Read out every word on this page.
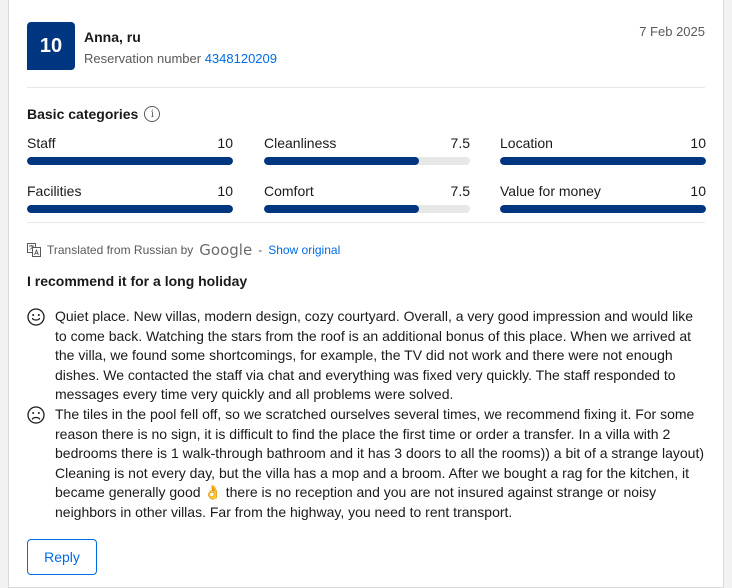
10	Anna, ru
Reservation number 4348120209
7 Feb 2025
Basic categories	i
Staff	10 Cleanliness	7.5 Location	10
Facilities	10 Comfort	7.5 Value for money	10
Translated from Russian by Google - Show original
I recommend it for a long holiday
Quiet place. New villas, modern design, cozy courtyard. Overall, a very good impression and would like to come back. Watching the stars from the roof is an additional bonus of this place. When we arrived at the villa, we found some shortcomings, for example, the TV did not work and there were not enough dishes. We contacted the staff via chat and everything was fixed very quickly. The staff responded to messages every time very quickly and all problems were solved.
The tiles in the pool fell off, so we scratched ourselves several times, we recommend fixing it. For some reason there is no sign, it is difficult to find the place the first time or order a transfer. In a villa with 2 bedrooms there is 1 walk-through bathroom and it has 3 doors to all the rooms)) a bit of a strange layout) Cleaning is not every day, but the villa has a mop and a broom. After we bought a rag for the kitchen, it became generally good 👌 there is no reception and you are not insured against strange or noisy neighbors in other villas. Far from the highway, you need to rent transport.
Reply
